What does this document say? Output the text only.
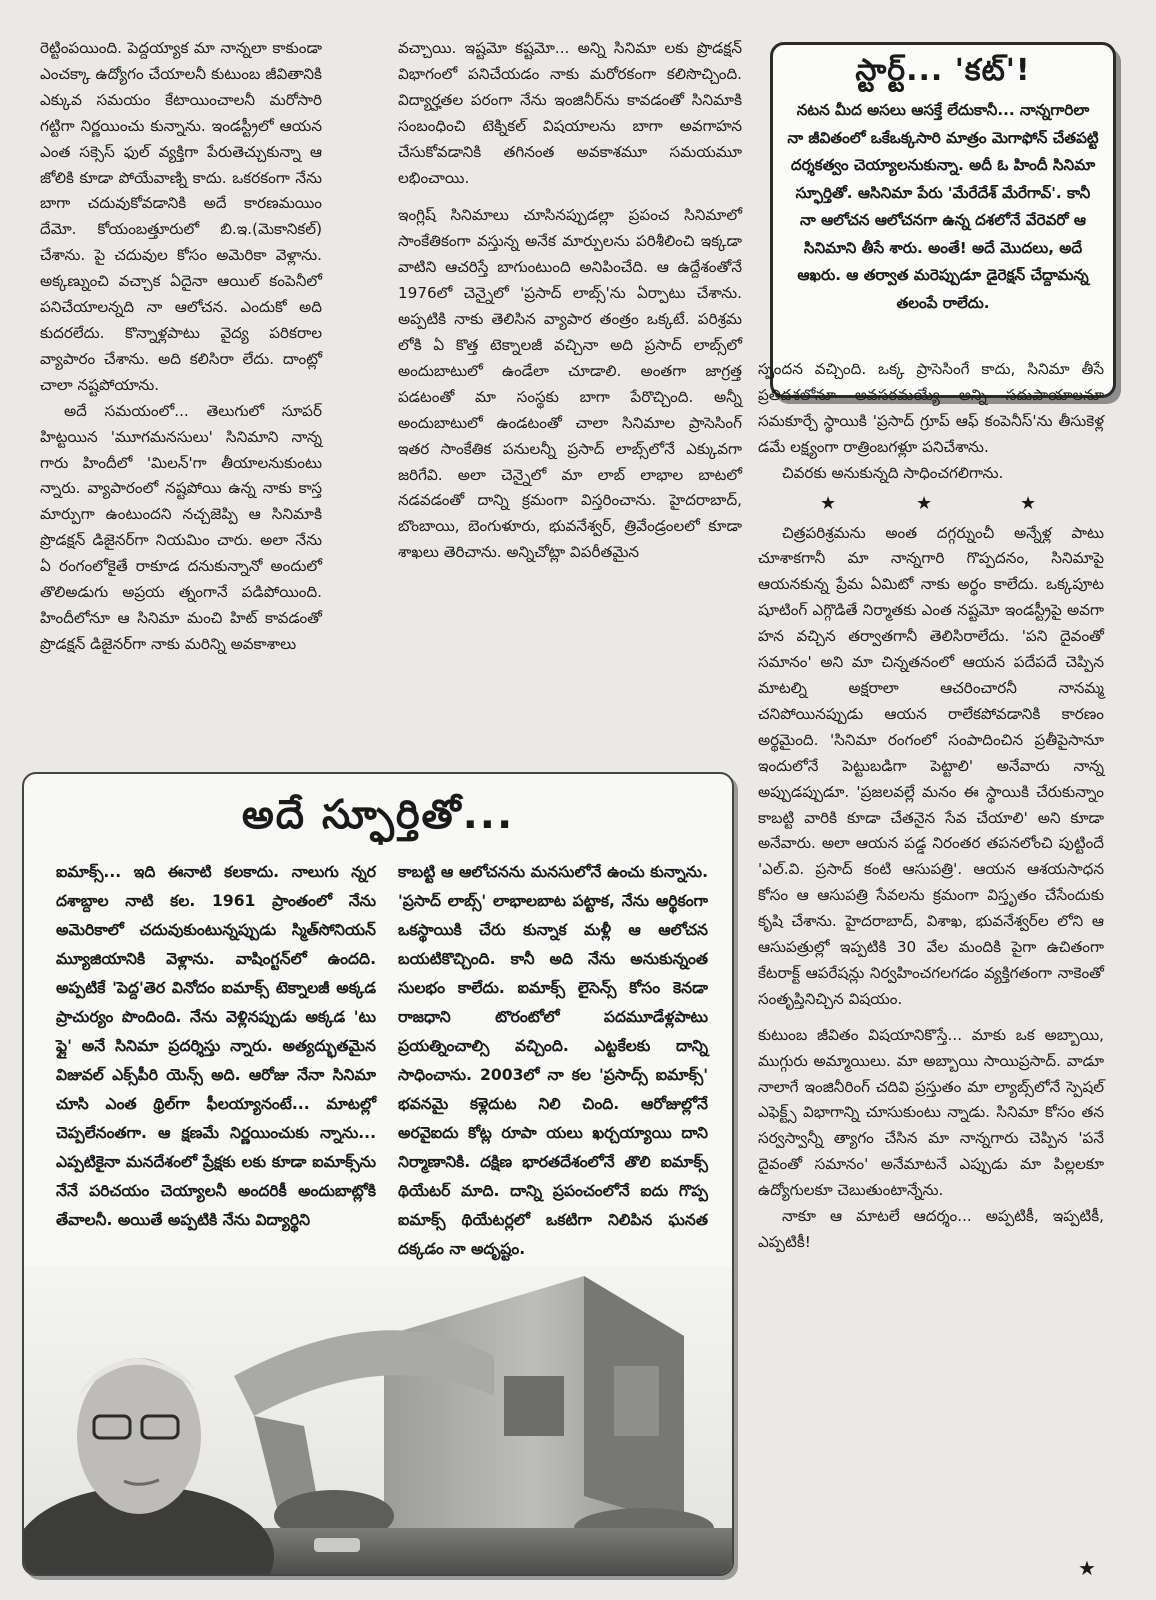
రెట్టింపయింది. పెద్దయ్యాక మా నాన్నలా కాకుండా ఎంచక్కా ఉద్యోగం చేయాలనీ కుటుంబ జీవితానికి ఎక్కువ సమయం కేటాయించాలనీ మరోసారి గట్టిగా నిర్ణయించు కున్నాను. ఇండస్ట్రీలో ఆయన ఎంత సక్సెస్ ఫుల్ వ్యక్తిగా పేరుతెచ్చుకున్నా ఆ జోలికి కూడా పోయేవాణ్ని కాదు. ఒకరకంగా నేను బాగా చదువుకోవడానికి అదే కారణమయిం దేమో. కోయంబత్తూరులో బి.ఇ.(మెకానికల్) చేశాను. పై చదువుల కోసం అమెరికా వెళ్లాను. అక్కణ్నుంచి వచ్చాక ఏదైనా ఆయిల్ కంపెనీలో పనిచేయాలన్నది నా ఆలోచన. ఎందుకో అది కుదరలేదు. కొన్నాళ్లపాటు వైద్య పరికరాల వ్యాపారం చేశాను. అది కలిసిరా లేదు. దాంట్లో చాలా నష్టపోయాను.

అదే సమయంలో... తెలుగులో సూపర్ హిట్టయిన 'మూగమనసులు' సినిమాని నాన్న గారు హిందీలో 'మిలన్'గా తీయాలనుకుంటు న్నారు. వ్యాపారంలో నష్టపోయి ఉన్న నాకు కాస్త మార్పుగా ఉంటుందని నచ్చజెప్పి ఆ సినిమాకి ప్రొడక్షన్ డిజైనర్‌గా నియమిం చారు. అలా నేను ఏ రంగంలోకైతే రాకూడ దనుకున్నానో అందులో తొలిఅడుగు అప్రయ త్నంగానే పడిపోయింది. హిందీలోనూ ఆ సినిమా మంచి హిట్ కావడంతో ప్రొడక్షన్ డిజైనర్‌గా నాకు మరిన్ని అవకాశాలు

వచ్చాయి. ఇష్టమో కష్టమో... అన్ని సినిమా లకు ప్రొడక్షన్ విభాగంలో పనిచేయడం నాకు మరోరకంగా కలిసొచ్చింది. విద్యార్హతల పరంగా నేను ఇంజినీర్‌ను కావడంతో సినిమాకి సంబంధించి టెక్నికల్ విషయాలను బాగా అవగాహన చేసుకోవడానికి తగినంత అవకాశమూ సమయమూ లభించాయి.

ఇంగ్లిష్ సినిమాలు చూసినప్పుడల్లా ప్రపంచ సినిమాలో సాంకేతికంగా వస్తున్న అనేక మార్పులను పరిశీలించి ఇక్కడా వాటిని ఆచరిస్తే బాగుంటుంది అనిపించేది. ఆ ఉద్దేశంతోనే 1976లో చెన్నైలో 'ప్రసాద్ లాబ్స్'ను ఏర్పాటు చేశాను. అప్పటికి నాకు తెలిసిన వ్యాపార తంత్రం ఒక్కటే. పరిశ్రమ లోకి ఏ కొత్త టెక్నాలజీ వచ్చినా అది ప్రసాద్ లాబ్స్‌లో అందుబాటులో ఉండేలా చూడాలి. అంతగా జాగ్రత్త పడటంతో మా సంస్థకు బాగా పేరొచ్చింది. అన్నీ అందుబాటులో ఉండటంతో చాలా సినిమాల ప్రాసెసింగ్ ఇతర సాంకేతిక పనులన్నీ ప్రసాద్ లాబ్స్‌లోనే ఎక్కువగా జరిగేవి. అలా చెన్నైలో మా లాబ్ లాభాల బాటలో నడవడంతో దాన్ని క్రమంగా విస్తరించాను. హైదరాబాద్, బొంబాయి, బెంగుళూరు, భువనేశ్వర్, త్రివేండ్రంలలో కూడా శాఖలు తెరిచాను. అన్నిచోట్లా విపరీతమైన

స్టార్ట్... 'కట్'!
నటన మీద అసలు ఆసక్తే లేదుకానీ... నాన్నగారిలా నా జీవితంలో ఒకేఒక్కసారి మాత్రం మెగాఫోన్ చేతపట్టి దర్శకత్వం చెయ్యాలనుకున్నా. అదీ ఓ హిందీ సినిమా స్ఫూర్తితో. ఆసినిమా పేరు 'మేరేదేశ్ మేరేగావ్'. కానీ నా ఆలోచన ఆలోచనగా ఉన్న దశలోనే వేరెవరో ఆ సినిమాని తీసే శారు. అంతే! అదే మొదలు, అదే ఆఖరు. ఆ తర్వాత మరెప్పుడూ డైరెక్షన్ చేద్దామన్న తలంపే రాలేదు.

స్పందన వచ్చింది. ఒక్క ప్రాసెసింగే కాదు, సినిమా తీసే ప్రతిదశలోనూ అవసరమయ్యే అన్ని సదుపాయాలనూ సమకూర్చే స్థాయికి 'ప్రసాద్ గ్రూప్ ఆఫ్ కంపెనీస్'ను తీసుకెళ్ల డమే లక్ష్యంగా రాత్రింబగళ్లూ పనిచేశాను.

చివరకు అనుకున్నది సాధించగలిగాను.

★	★	★

చిత్రపరిశ్రమను అంత దగ్గర్నుంచీ అన్నేళ్ల పాటు చూశాకగానీ మా నాన్నగారి గొప్పదనం, సినిమాపై ఆయనకున్న ప్రేమ ఏమిటో నాకు అర్థం కాలేదు. ఒక్కపూట షూటింగ్ ఎగ్గొడితే నిర్మాతకు ఎంత నష్టమో ఇండస్ట్రీపై అవగా హన వచ్చిన తర్వాతగానీ తెలిసిరాలేదు. 'పని దైవంతో సమానం' అని మా చిన్నతనంలో ఆయన పదేపదే చెప్పిన మాటల్ని అక్షరాలా ఆచరించారనీ నానమ్మ చనిపోయినప్పుడు ఆయన రాలేకపోవడానికి కారణం అర్థమైంది. 'సినిమా రంగంలో సంపాదించిన ప్రతీపైసానూ ఇందులోనే పెట్టుబడిగా పెట్టాలి' అనేవారు నాన్న అప్పుడప్పుడూ. 'ప్రజలవల్లే మనం ఈ స్థాయికి చేరుకున్నాం కాబట్టి వారికి కూడా చేతనైన సేవ చేయాలి' అని కూడా అనేవారు. అలా ఆయన పడ్డ నిరంతర తపనలోంచి పుట్టిందే 'ఎల్.వి. ప్రసాద్ కంటి ఆసుపత్రి'. ఆయన ఆశయసాధన కోసం ఆ ఆసుపత్రి సేవలను క్రమంగా విస్తృతం చేసేందుకు కృషి చేశాను. హైదరాబాద్, విశాఖ, భువనేశ్వర్‌ల లోని ఆ ఆసుపత్రుల్లో ఇప్పటికి 30 వేల మందికి పైగా ఉచితంగా కేటరాక్ట్ ఆపరేషన్లు నిర్వహించగలగడం వ్యక్తిగతంగా నాకెంతో సంతృప్తినిచ్చిన విషయం.

కుటుంబ జీవితం విషయానికొస్తే... మాకు ఒక అబ్బాయి, ముగ్గురు అమ్మాయిలు. మా అబ్బాయి సాయిప్రసాద్. వాడూ నాలాగే ఇంజినీరింగ్ చదివి ప్రస్తుతం మా ల్యాబ్స్‌లోనే స్పెషల్ ఎఫెక్ట్స్ విభాగాన్ని చూసుకుంటు న్నాడు. సినిమా కోసం తన సర్వస్వాన్నీ త్యాగం చేసిన మా నాన్నగారు చెప్పిన 'పనే దైవంతో సమానం' అనేమాటనే ఎప్పుడు మా పిల్లలకూ ఉద్యోగులకూ చెబుతుంటాన్నేను.

నాకూ ఆ మాటలే ఆదర్శం... అప్పటికీ, ఇప్పటికీ, ఎప్పటికీ!

★
అదే స్ఫూర్తితో...

ఐమాక్స్... ఇది ఈనాటి కలకాదు. నాలుగు న్నర దశాబ్దాల నాటి కల. 1961 ప్రాంతంలో నేను అమెరికాలో చదువుకుంటున్నప్పుడు స్మిత్‌సోనియన్ మ్యూజియానికి వెళ్లాను. వాషింగ్టన్‌లో ఉందది. అప్పటికే 'పెద్ద'తెర వినోదం ఐమాక్స్ టెక్నాలజీ అక్కడ ప్రాచుర్యం పొందింది. నేను వెళ్లినప్పుడు అక్కడ 'టు ఫ్లై' అనే సినిమా ప్రదర్శిస్తు న్నారు. అత్యద్భుతమైన విజువల్ ఎక్స్‌పీరి యెన్స్ అది. ఆరోజు నేనా సినిమా చూసి ఎంత థ్రిల్‌గా ఫీలయ్యానంటే... మాటల్లో చెప్పలేనంతగా. ఆ క్షణమే నిర్ణయించుకు న్నాను... ఎప్పటికైనా మనదేశంలో ప్రేక్షకు లకు కూడా ఐమాక్స్‌ను నేనే పరిచయం చెయ్యాలనీ అందరికీ అందుబాట్లోకి తేవాలనీ. అయితే అప్పటికి నేను విద్యార్థిని

కాబట్టి ఆ ఆలోచనను మనసులోనే ఉంచు కున్నాను. 'ప్రసాద్ లాబ్స్' లాభాలబాట పట్టాక, నేను ఆర్థికంగా ఒకస్థాయికి చేరు కున్నాక మళ్లీ ఆ ఆలోచన బయటికొచ్చింది. కానీ అది నేను అనుకున్నంత సులభం కాలేదు. ఐమాక్స్ లైసెన్స్ కోసం కెనడా రాజధాని టొరంటోలో పదమూడేళ్లపాటు ప్రయత్నించాల్సి వచ్చింది. ఎట్టకేలకు దాన్ని సాధించాను. 2003లో నా కల 'ప్రసాద్స్ ఐమాక్స్' భవనమై కళ్లెదుట నిలి చింది. ఆరోజుల్లోనే అరవైఐదు కోట్ల రూపా యలు ఖర్చయ్యాయి దాని నిర్మాణానికి. దక్షిణ భారతదేశంలోనే తొలి ఐమాక్స్ థియేటర్ మాది. దాన్ని ప్రపంచంలోనే ఐదు గొప్ప ఐమాక్స్ థియేటర్లలో ఒకటిగా నిలిపిన ఘనత దక్కడం నా అదృష్టం.
